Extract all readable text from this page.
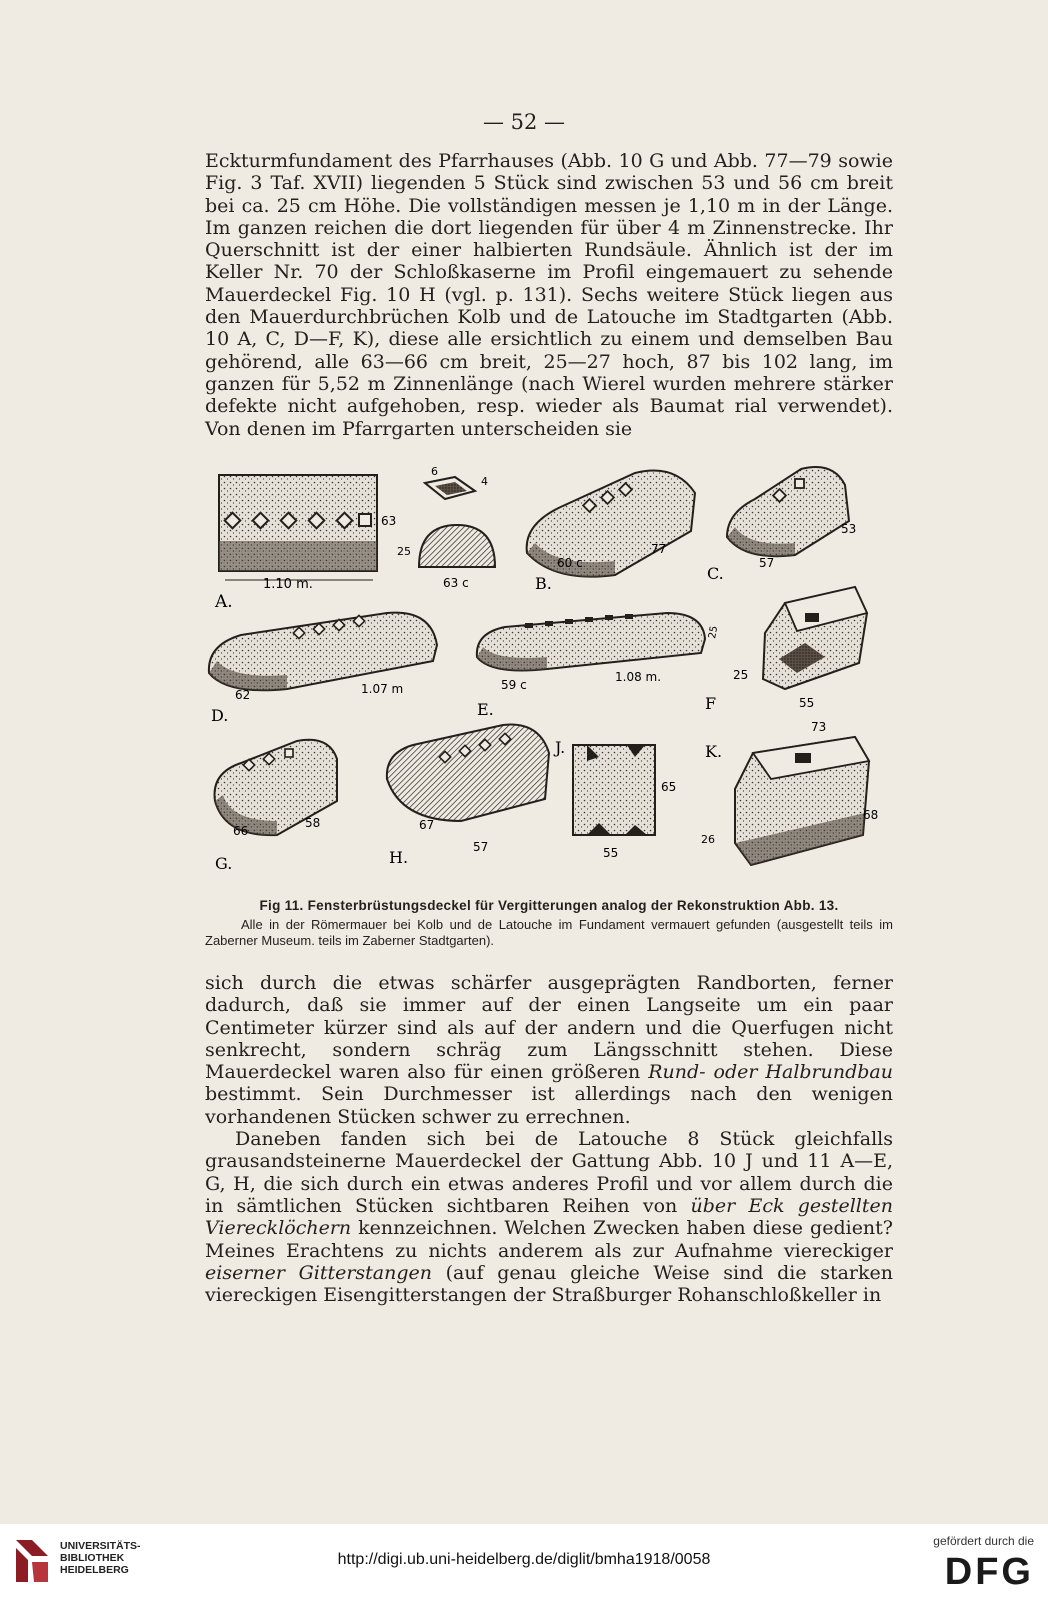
— 52 —

Eckturmfundament des Pfarrhauses (Abb. 10 G und Abb. 77—79 sowie Fig. 3 Taf. XVII) liegenden 5 Stück sind zwischen 53 und 56 cm breit bei ca. 25 cm Höhe. Die vollständigen messen je 1,10 m in der Länge. Im ganzen reichen die dort liegenden für über 4 m Zinnenstrecke. Ihr Querschnitt ist der einer halbierten Rundsäule. Ähnlich ist der im Keller Nr. 70 der Schloßkaserne im Profil eingemauert zu sehende Mauerdeckel Fig. 10 H (vgl. p. 131). Sechs weitere Stück liegen aus den Mauerdurchbrüchen Kolb und de Latouche im Stadtgarten (Abb. 10 A, C, D—F, K), diese alle ersichtlich zu einem und demselben Bau gehörend, alle 63—66 cm breit, 25—27 hoch, 87 bis 102 lang, im ganzen für 5,52 m Zinnenlänge (nach Wierel wurden mehrere stärker defekte nicht aufgehoben, resp. wieder als Baumat rial verwendet). Von denen im Pfarrgarten unterscheiden sie

1.10 m.
63
A.
6
4
25
63 c
60 c
77
B.
57
53
C.
62	1.07 m
D.
59 c
1.08 m.
25
E.
25
55
F
66
58
G.
67
57
H.
J.
65
55
K.
73
26
68
Fig 11. Fensterbrüstungsdeckel für Vergitterungen analog der Rekonstruktion Abb. 13.
Alle in der Römermauer bei Kolb und de Latouche im Fundament vermauert gefunden (ausgestellt teils im Zaberner Museum. teils im Zaberner Stadtgarten).

sich durch die etwas schärfer ausgeprägten Randborten, ferner dadurch, daß sie immer auf der einen Langseite um ein paar Centimeter kürzer sind als auf der andern und die Querfugen nicht senkrecht, sondern schräg zum Längsschnitt stehen. Diese Mauerdeckel waren also für einen größeren Rund- oder Halbrundbau bestimmt. Sein Durchmesser ist allerdings nach den wenigen vorhandenen Stücken schwer zu errechnen.

Daneben fanden sich bei de Latouche 8 Stück gleichfalls grausandsteinerne Mauerdeckel der Gattung Abb. 10 J und 11 A—E, G, H, die sich durch ein etwas anderes Profil und vor allem durch die in sämtlichen Stücken sichtbaren Reihen von über Eck gestellten Vierecklöchern kennzeichnen. Welchen Zwecken haben diese gedient? Meines Erachtens zu nichts anderem als zur Aufnahme viereckiger eiserner Gitterstangen (auf genau gleiche Weise sind die starken viereckigen Eisengitterstangen der Straßburger Rohanschloßkeller in

UNIVERSITÄTS-
BIBLIOTHEK
HEIDELBERG
http://digi.ub.uni-heidelberg.de/diglit/bmha1918/0058
gefördert durch die
DFG
